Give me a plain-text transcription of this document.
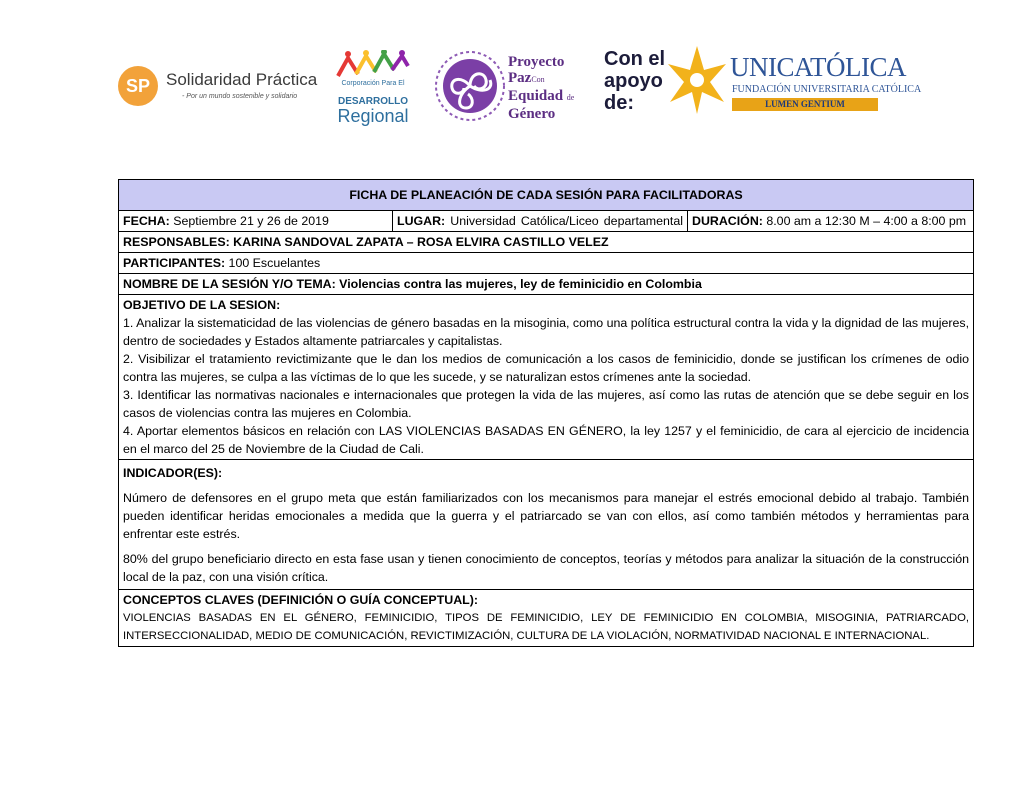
SP Solidaridad Práctica
- Por un mundo sostenible y solidario
Corporación Para El
DESARROLLO
Regional
Proyecto
PazCon
Equidad de
Género
Con el
apoyo
de:
UNICATÓLICA
FUNDACIÓN UNIVERSITARIA CATÓLICA
LUMEN GENTIUM
FICHA DE PLANEACIÓN DE CADA SESIÓN PARA FACILITADORAS
FECHA: Septiembre 21 y 26 de 2019	LUGAR: Universidad Católica/Liceo departamental	DURACIÓN: 8.00 am a 12:30 M – 4:00 a 8:00 pm
RESPONSABLES: KARINA SANDOVAL ZAPATA – ROSA ELVIRA CASTILLO VELEZ
PARTICIPANTES: 100 Escuelantes
NOMBRE DE LA SESIÓN Y/O TEMA: Violencias contra las mujeres, ley de feminicidio en Colombia

OBJETIVO DE LA SESION:
1. Analizar la sistematicidad de las violencias de género basadas en la misoginia, como una política estructural contra la vida y la dignidad de las mujeres, dentro de sociedades y Estados altamente patriarcales y capitalistas.
2. Visibilizar el tratamiento revictimizante que le dan los medios de comunicación a los casos de feminicidio, donde se justifican los crímenes de odio contra las mujeres, se culpa a las víctimas de lo que les sucede, y se naturalizan estos crímenes ante la sociedad.
3. Identificar las normativas nacionales e internacionales que protegen la vida de las mujeres, así como las rutas de atención que se debe seguir en los casos de violencias contra las mujeres en Colombia.
4. Aportar elementos básicos en relación con LAS VIOLENCIAS BASADAS EN GÉNERO, la ley 1257 y el feminicidio, de cara al ejercicio de incidencia en el marco del 25 de Noviembre de la Ciudad de Cali.

INDICADOR(ES):
Número de defensores en el grupo meta que están familiarizados con los mecanismos para manejar el estrés emocional debido al trabajo. También pueden identificar heridas emocionales a medida que la guerra y el patriarcado se van con ellos, así como también métodos y herramientas para enfrentar este estrés.
80% del grupo beneficiario directo en esta fase usan y tienen conocimiento de conceptos, teorías y métodos para analizar la situación de la construcción local de la paz, con una visión crítica.

CONCEPTOS CLAVES (DEFINICIÓN O GUÍA CONCEPTUAL):
VIOLENCIAS BASADAS EN EL GÉNERO, FEMINICIDIO, TIPOS DE FEMINICIDIO, LEY DE FEMINICIDIO EN COLOMBIA, MISOGINIA, PATRIARCADO, INTERSECCIONALIDAD, MEDIO DE COMUNICACIÓN, REVICTIMIZACIÓN, CULTURA DE LA VIOLACIÓN, NORMATIVIDAD NACIONAL E INTERNACIONAL.
